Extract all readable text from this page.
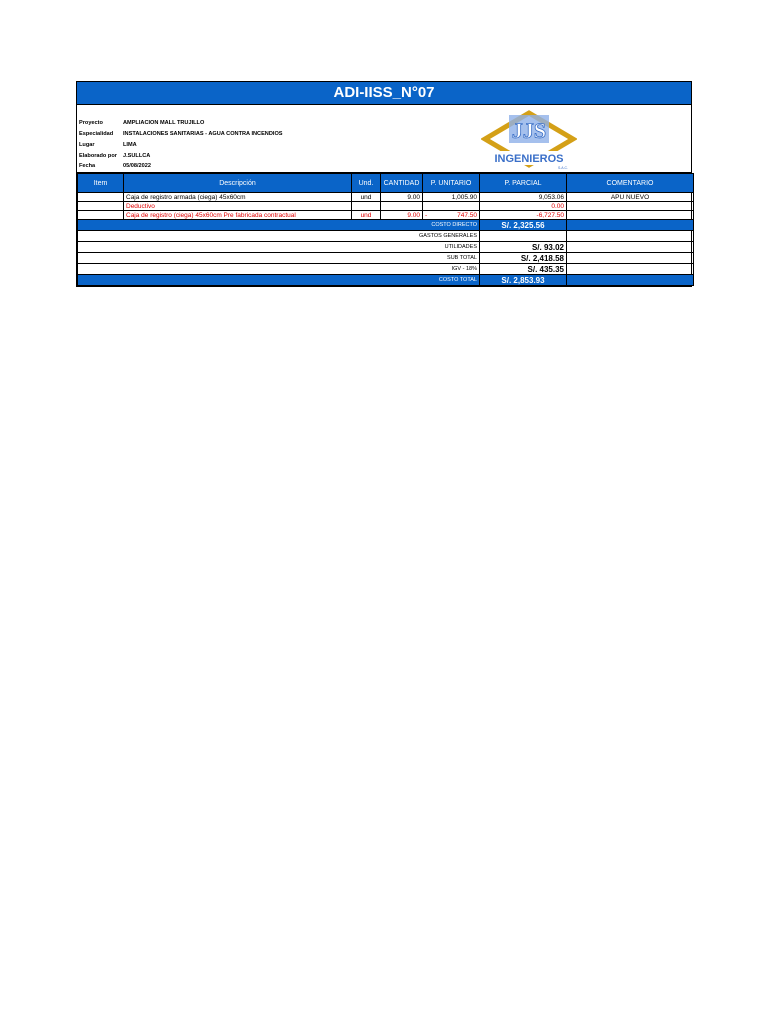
ADI-IISS_N°07
Proyecto	AMPLIACION MALL TRUJILLO
Especialidad INSTALACIONES SANITARIAS - AGUA CONTRA INCENDIOS
Lugar	LIMA
Elaborado por J.SULLCA
Fecha	05/08/2022
JJS
INGENIEROS
S.A.C.
Item	Descripción	Und.	CANTIDAD	P. UNITARIO	P. PARCIAL	COMENTARIO
	Caja de registro armada (ciega) 45x60cm	und	9.00	1,005.90	9,053.06	APU NUEVO
	Deductivo				0.00	
	Caja de registro (ciega) 45x60cm Pre fabricada contractual	und	9.00	- 747.50	-6,727.50	
COSTO DIRECTO					S/. 2,325.56	
GASTOS GENERALES						
UTILIDADES					S/. 93.02	
SUB TOTAL					S/. 2,418.58	
IGV - 18%					S/. 435.35	
COSTO TOTAL					S/. 2,853.93	
